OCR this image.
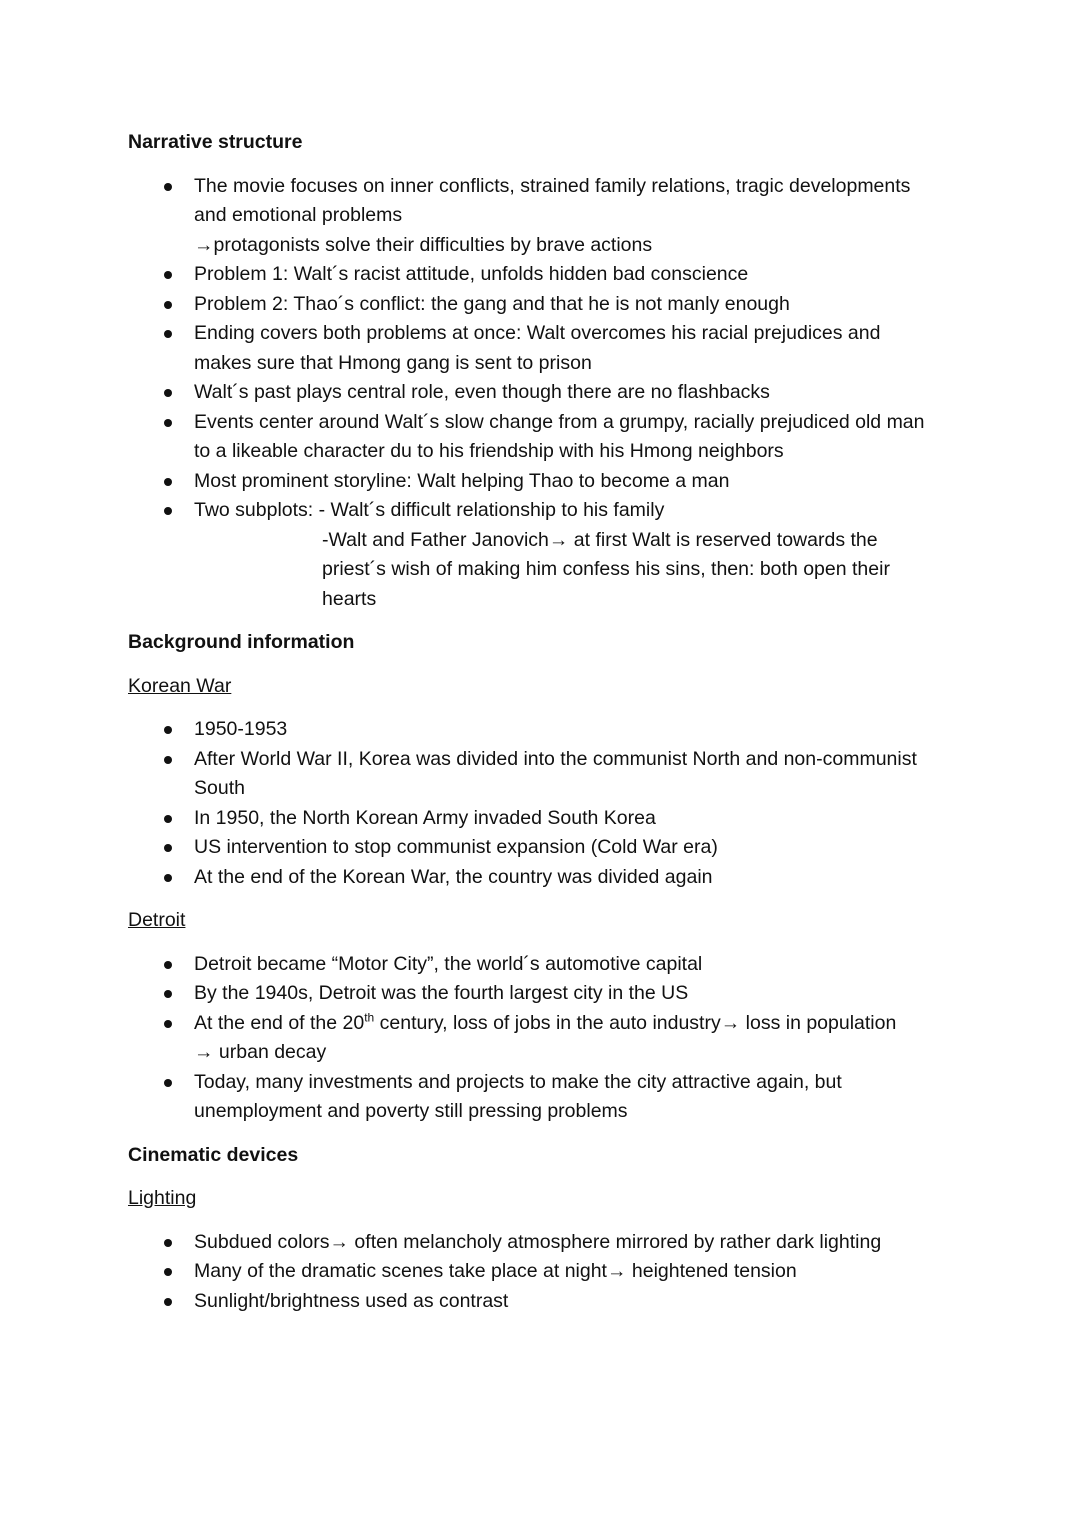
Narrative structure
The movie focuses on inner conflicts, strained family relations, tragic developments
and emotional problems
→protagonists solve their difficulties by brave actions
Problem 1: Walt´s racist attitude, unfolds hidden bad conscience
Problem 2: Thao´s conflict: the gang and that he is not manly enough
Ending covers both problems at once: Walt overcomes his racial prejudices and
makes sure that Hmong gang is sent to prison
Walt´s past plays central role, even though there are no flashbacks
Events center around Walt´s slow change from a grumpy, racially prejudiced old man
to a likeable character du to his friendship with his Hmong neighbors
Most prominent storyline: Walt helping Thao to become a man
Two subplots: - Walt´s difficult relationship to his family
-Walt and Father Janovich→ at first Walt is reserved towards the
priest´s wish of making him confess his sins, then: both open their
hearts
Background information
Korean War
1950-1953
After World War II, Korea was divided into the communist North and non-communist
South
In 1950, the North Korean Army invaded South Korea
US intervention to stop communist expansion (Cold War era)
At the end of the Korean War, the country was divided again
Detroit
Detroit became “Motor City”, the world´s automotive capital
By the 1940s, Detroit was the fourth largest city in the US
At the end of the 20th century, loss of jobs in the auto industry→ loss in population
→ urban decay
Today, many investments and projects to make the city attractive again, but
unemployment and poverty still pressing problems
Cinematic devices
Lighting
Subdued colors→ often melancholy atmosphere mirrored by rather dark lighting
Many of the dramatic scenes take place at night→ heightened tension
Sunlight/brightness used as contrast
